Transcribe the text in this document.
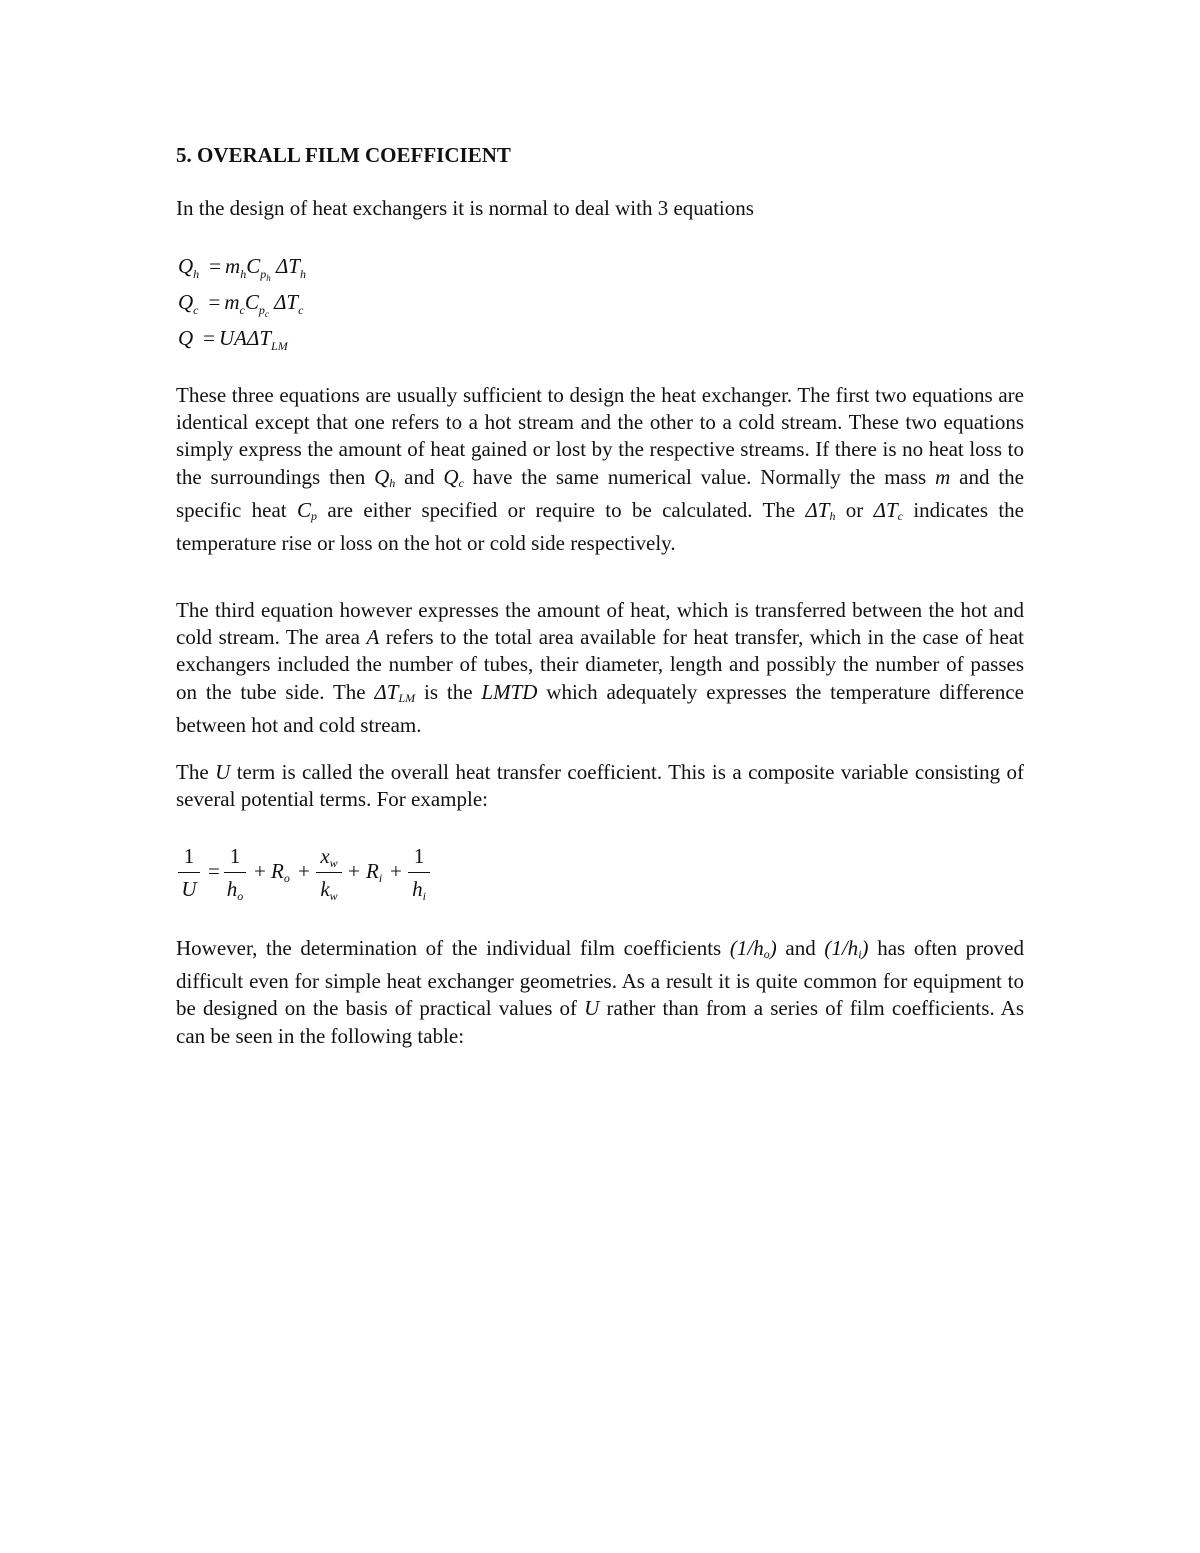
5. OVERALL FILM COEFFICIENT
In the design of heat exchangers it is normal to deal with 3 equations
$Q_h = m_hC_{p_h}$ $\Delta T_h$
$Q_c = m_cC_{p_c}$ $\Delta T_c$
$Q = UA\Delta T_{LM}$

These three equations are usually sufficient to design the heat exchanger. The first two equations are identical except that one refers to a hot stream and the other to a cold stream. These two equations simply express the amount of heat gained or lost by the respective streams. If there is no heat loss to the surroundings then $Q_h$ and $Q_c$ have the same numerical value. Normally the mass m and the specific heat $C_p$ are either specified or require to be calculated. The $\Delta T_h$ or $\Delta T_c$ indicates the temperature rise or loss on the hot or cold side respectively.

The third equation however expresses the amount of heat, which is transferred between the hot and cold stream. The area A refers to the total area available for heat transfer, which in the case of heat exchangers included the number of tubes, their diameter, length and possibly the number of passes on the tube side. The $\Delta T_{LM}$ is the LMTD which adequately expresses the temperature difference between hot and cold stream.

The U term is called the overall heat transfer coefficient. This is a composite variable consisting of several potential terms. For example:

1
U
=
1
$h_o$
+ $R_o$ +
$x_w$
$k_w$
+ $R_i$ +
1
$h_i$

However, the determination of the individual film coefficients $(1/h_o)$ and $(1/h_i)$ has often proved difficult even for simple heat exchanger geometries. As a result it is quite common for equipment to be designed on the basis of practical values of U rather than from a series of film coefficients. As can be seen in the following table:
